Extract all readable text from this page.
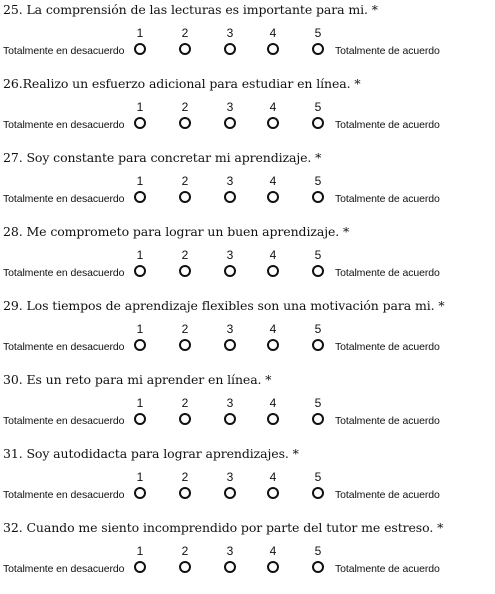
25. La comprensión de las lecturas es importante para mi. *
1	2	3	4	5
Totalmente en desacuerdo	Totalmente de acuerdo
26.Realizo un esfuerzo adicional para estudiar en línea. *
1	2	3	4	5
Totalmente en desacuerdo	Totalmente de acuerdo
27. Soy constante para concretar mi aprendizaje. *
1	2	3	4	5
Totalmente en desacuerdo	Totalmente de acuerdo
28. Me comprometo para lograr un buen aprendizaje. *
1	2	3	4	5
Totalmente en desacuerdo	Totalmente de acuerdo
29. Los tiempos de aprendizaje flexibles son una motivación para mi. *
1	2	3	4	5
Totalmente en desacuerdo	Totalmente de acuerdo
30. Es un reto para mi aprender en línea. *
1	2	3	4	5
Totalmente en desacuerdo	Totalmente de acuerdo
31. Soy autodidacta para lograr aprendizajes. *
1	2	3	4	5
Totalmente en desacuerdo	Totalmente de acuerdo
32. Cuando me siento incomprendido por parte del tutor me estreso. *
1	2	3	4	5
Totalmente en desacuerdo	Totalmente de acuerdo
